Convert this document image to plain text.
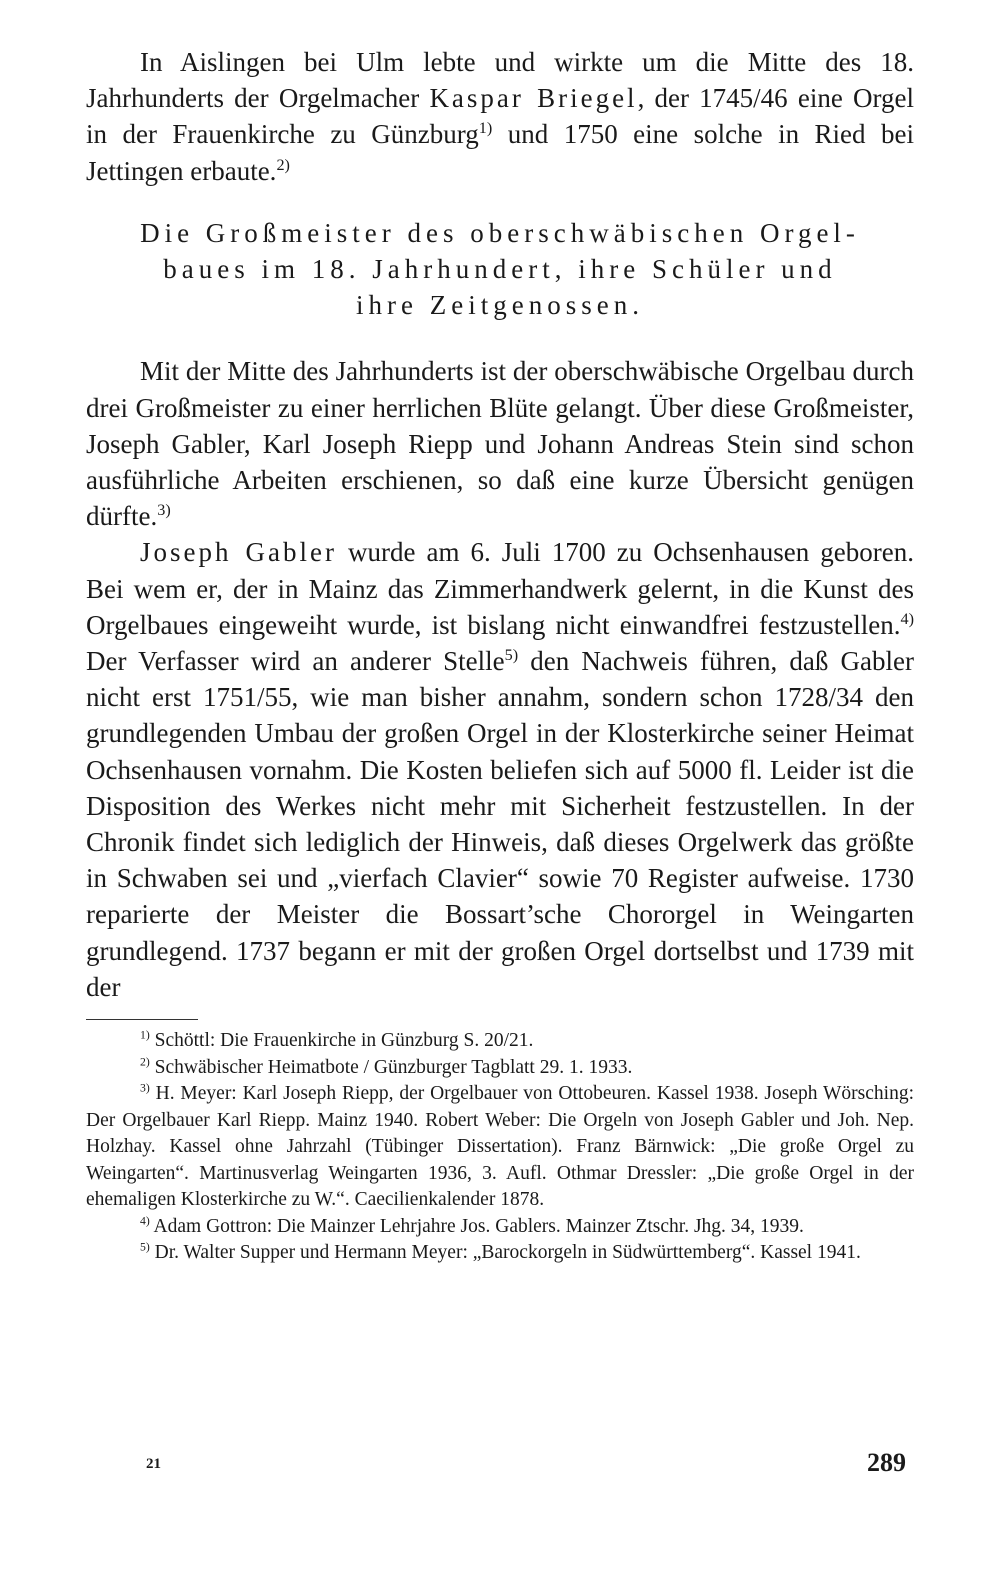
In Aislingen bei Ulm lebte und wirkte um die Mitte des 18. Jahrhunderts der Orgelmacher Kaspar Briegel, der 1745/46 eine Orgel in der Frauenkirche zu Günzburg$^{1)}$ und 1750 eine solche in Ried bei Jettingen erbaute.$^{2)}$

Die Großmeister des oberschwäbischen Orgel-
baues im 18. Jahrhundert, ihre Schüler und
ihre Zeitgenossen.

Mit der Mitte des Jahrhunderts ist der oberschwäbische Orgelbau durch drei Großmeister zu einer herrlichen Blüte gelangt. Über diese Großmeister, Joseph Gabler, Karl Joseph Riepp und Johann Andreas Stein sind schon ausführliche Arbeiten erschienen, so daß eine kurze Übersicht genügen dürfte.$^{3)}$

Joseph Gabler wurde am 6. Juli 1700 zu Ochsenhausen geboren. Bei wem er, der in Mainz das Zimmerhandwerk gelernt, in die Kunst des Orgelbaues eingeweiht wurde, ist bislang nicht einwandfrei festzustellen.$^{4)}$ Der Verfasser wird an anderer Stelle$^{5)}$ den Nachweis führen, daß Gabler nicht erst 1751/55, wie man bisher annahm, sondern schon 1728/34 den grundlegenden Umbau der großen Orgel in der Klosterkirche seiner Heimat Ochsenhausen vornahm. Die Kosten beliefen sich auf 5000 fl. Leider ist die Disposition des Werkes nicht mehr mit Sicherheit festzustellen. In der Chronik findet sich lediglich der Hinweis, daß dieses Orgelwerk das größte in Schwaben sei und „vierfach Clavier“ sowie 70 Register aufweise. 1730 reparierte der Meister die Bossart’sche Chororgel in Weingarten grundlegend. 1737 begann er mit der großen Orgel dortselbst und 1739 mit der

$^{1)}$ Schöttl: Die Frauenkirche in Günzburg S. 20/21.

$^{2)}$ Schwäbischer Heimatbote / Günzburger Tagblatt 29. 1. 1933.

$^{3)}$ H. Meyer: Karl Joseph Riepp, der Orgelbauer von Ottobeuren. Kassel 1938. Joseph Wörsching: Der Orgelbauer Karl Riepp. Mainz 1940. Robert Weber: Die Orgeln von Joseph Gabler und Joh. Nep. Holzhay. Kassel ohne Jahrzahl (Tübinger Dissertation). Franz Bärnwick: „Die große Orgel zu Weingarten“. Martinusverlag Weingarten 1936, 3. Aufl. Othmar Dressler: „Die große Orgel in der ehemaligen Klosterkirche zu W.“. Caecilienkalender 1878.

$^{4)}$ Adam Gottron: Die Mainzer Lehrjahre Jos. Gablers. Mainzer Ztschr. Jhg. 34, 1939.

$^{5)}$ Dr. Walter Supper und Hermann Meyer: „Barockorgeln in Südwürttemberg“. Kassel 1941.

21	289
